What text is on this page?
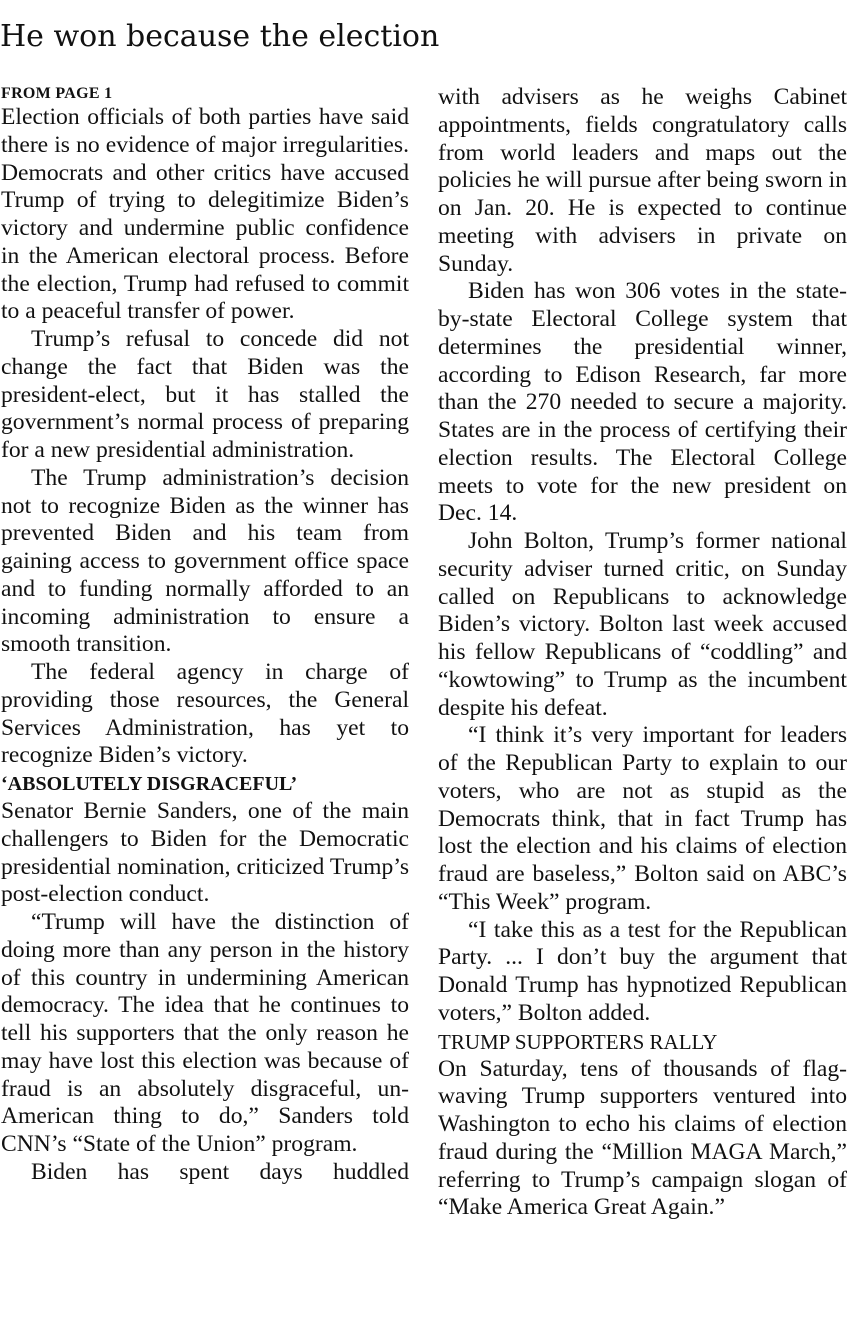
He won because the election
FROM PAGE 1

Election officials of both parties have said there is no evidence of major irregularities. Democrats and other critics have accused Trump of trying to delegitimize Biden’s victory and undermine public confidence in the American electoral process. Before the election, Trump had refused to commit to a peaceful transfer of power.

Trump’s refusal to concede did not change the fact that Biden was the president-elect, but it has stalled the government’s normal process of preparing for a new presidential administration.

The Trump administration’s decision not to recognize Biden as the winner has prevented Biden and his team from gaining access to government office space and to funding normally afforded to an incoming administration to ensure a smooth transition.

The federal agency in charge of providing those resources, the General Services Administration, has yet to recognize Biden’s victory.

‘ABSOLUTELY DISGRACEFUL’

Senator Bernie Sanders, one of the main challengers to Biden for the Democratic presidential nomination, criticized Trump’s post-election conduct.

“Trump will have the distinction of doing more than any person in the history of this country in undermining American democracy. The idea that he continues to tell his supporters that the only reason he may have lost this election was because of fraud is an absolutely disgraceful, un-American thing to do,” Sanders told CNN’s “State of the Union” program.

Biden has spent days huddled

with advisers as he weighs Cabinet appointments, fields congratulatory calls from world leaders and maps out the policies he will pursue after being sworn in on Jan. 20. He is expected to continue meeting with advisers in private on Sunday.

Biden has won 306 votes in the state-by-state Electoral College system that determines the presidential winner, according to Edison Research, far more than the 270 needed to secure a majority. States are in the process of certifying their election results. The Electoral College meets to vote for the new president on Dec. 14.

John Bolton, Trump’s former national security adviser turned critic, on Sunday called on Republicans to acknowledge Biden’s victory. Bolton last week accused his fellow Republicans of “coddling” and “kowtowing” to Trump as the incumbent despite his defeat.

“I think it’s very important for leaders of the Republican Party to explain to our voters, who are not as stupid as the Democrats think, that in fact Trump has lost the election and his claims of election fraud are baseless,” Bolton said on ABC’s “This Week” program.

“I take this as a test for the Republican Party. ... I don’t buy the argument that Donald Trump has hypnotized Republican voters,” Bolton added.

TRUMP SUPPORTERS RALLY

On Saturday, tens of thousands of flag-waving Trump supporters ventured into Washington to echo his claims of election fraud during the “Million MAGA March,” referring to Trump’s campaign slogan of “Make America Great Again.”
